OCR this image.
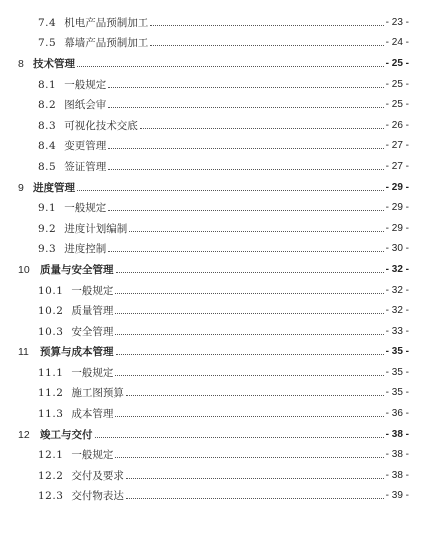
7.4 机电产品预制加工	- 23 -
7.5 幕墙产品预制加工	- 24 -
8 技术管理	- 25 -
8.1 一般规定	- 25 -
8.2 图纸会审	- 25 -
8.3 可视化技术交底	- 26 -
8.4 变更管理	- 27 -
8.5 签证管理	- 27 -
9 进度管理	- 29 -
9.1 一般规定	- 29 -
9.2 进度计划编制	- 29 -
9.3 进度控制	- 30 -
10 质量与安全管理	- 32 -
10.1 一般规定	- 32 -
10.2 质量管理	- 32 -
10.3 安全管理	- 33 -
11 预算与成本管理	- 35 -
11.1 一般规定	- 35 -
11.2 施工图预算	- 35 -
11.3 成本管理	- 36 -
12 竣工与交付	- 38 -
12.1 一般规定	- 38 -
12.2 交付及要求	- 38 -
12.3 交付物表达	- 39 -
